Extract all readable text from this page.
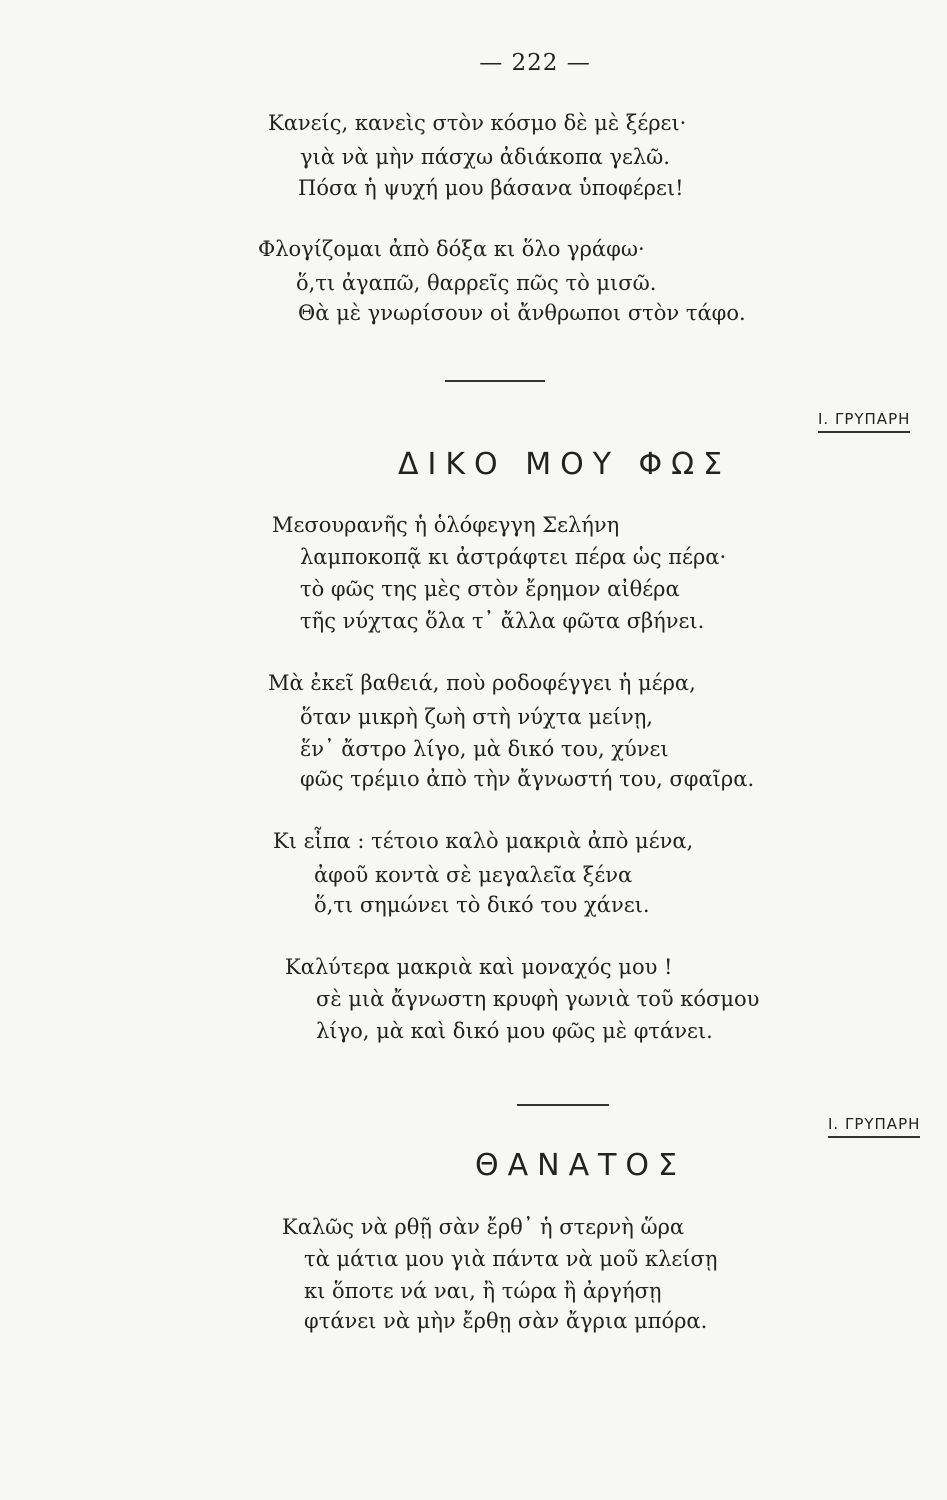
— 222 —
Κανείς, κανεὶς στὸν κόσμο δὲ μὲ ξέρει·
γιὰ νὰ μὴν πάσχω ἀδιάκοπα γελῶ.
Πόσα ἡ ψυχή μου βάσανα ὑποφέρει!
Φλογίζομαι ἀπὸ δόξα κι ὅλο γράφω·
ὅ,τι ἀγαπῶ, θαρρεῖς πῶς τὸ μισῶ.
Θὰ μὲ γνωρίσουν οἱ ἄνθρωποι στὸν τάφο.
Ι. ΓΡΥΠΑΡΗ
ΔΙΚΟ ΜΟΥ ΦΩΣ
Μεσουρανῆς ἡ ὁλόφεγγη Σελήνη
λαμποκοπᾷ κι ἀστράφτει πέρα ὡς πέρα·
τὸ φῶς της μὲς στὸν ἔρημον αἰθέρα
τῆς νύχτας ὅλα τ᾽ ἄλλα φῶτα σβήνει.
Μὰ ἐκεῖ βαθειά, ποὺ ροδοφέγγει ἡ μέρα,
ὅταν μικρὴ ζωὴ στὴ νύχτα μείνῃ,
ἕν᾽ ἄστρο λίγο, μὰ δικό του, χύνει
φῶς τρέμιο ἀπὸ τὴν ἄγνωστή του, σφαῖρα.
Κι εἶπα : τέτοιο καλὸ μακριὰ ἀπὸ μένα,
ἀφοῦ κοντὰ σὲ μεγαλεῖα ξένα
ὅ,τι σημώνει τὸ δικό του χάνει.
Καλύτερα μακριὰ καὶ μοναχός μου !
σὲ μιὰ ἄγνωστη κρυφὴ γωνιὰ τοῦ κόσμου
λίγο, μὰ καὶ δικό μου φῶς μὲ φτάνει.
Ι. ΓΡΥΠΑΡΗ
ΘΑΝΑΤΟΣ
Καλῶς νὰ ρθῇ σὰν ἔρθ᾽ ἡ στερνὴ ὥρα
τὰ μάτια μου γιὰ πάντα νὰ μοῦ κλείσῃ
κι ὅποτε νά ναι, ἢ τώρα ἢ ἀργήσῃ
φτάνει νὰ μὴν ἔρθῃ σὰν ἄγρια μπόρα.
